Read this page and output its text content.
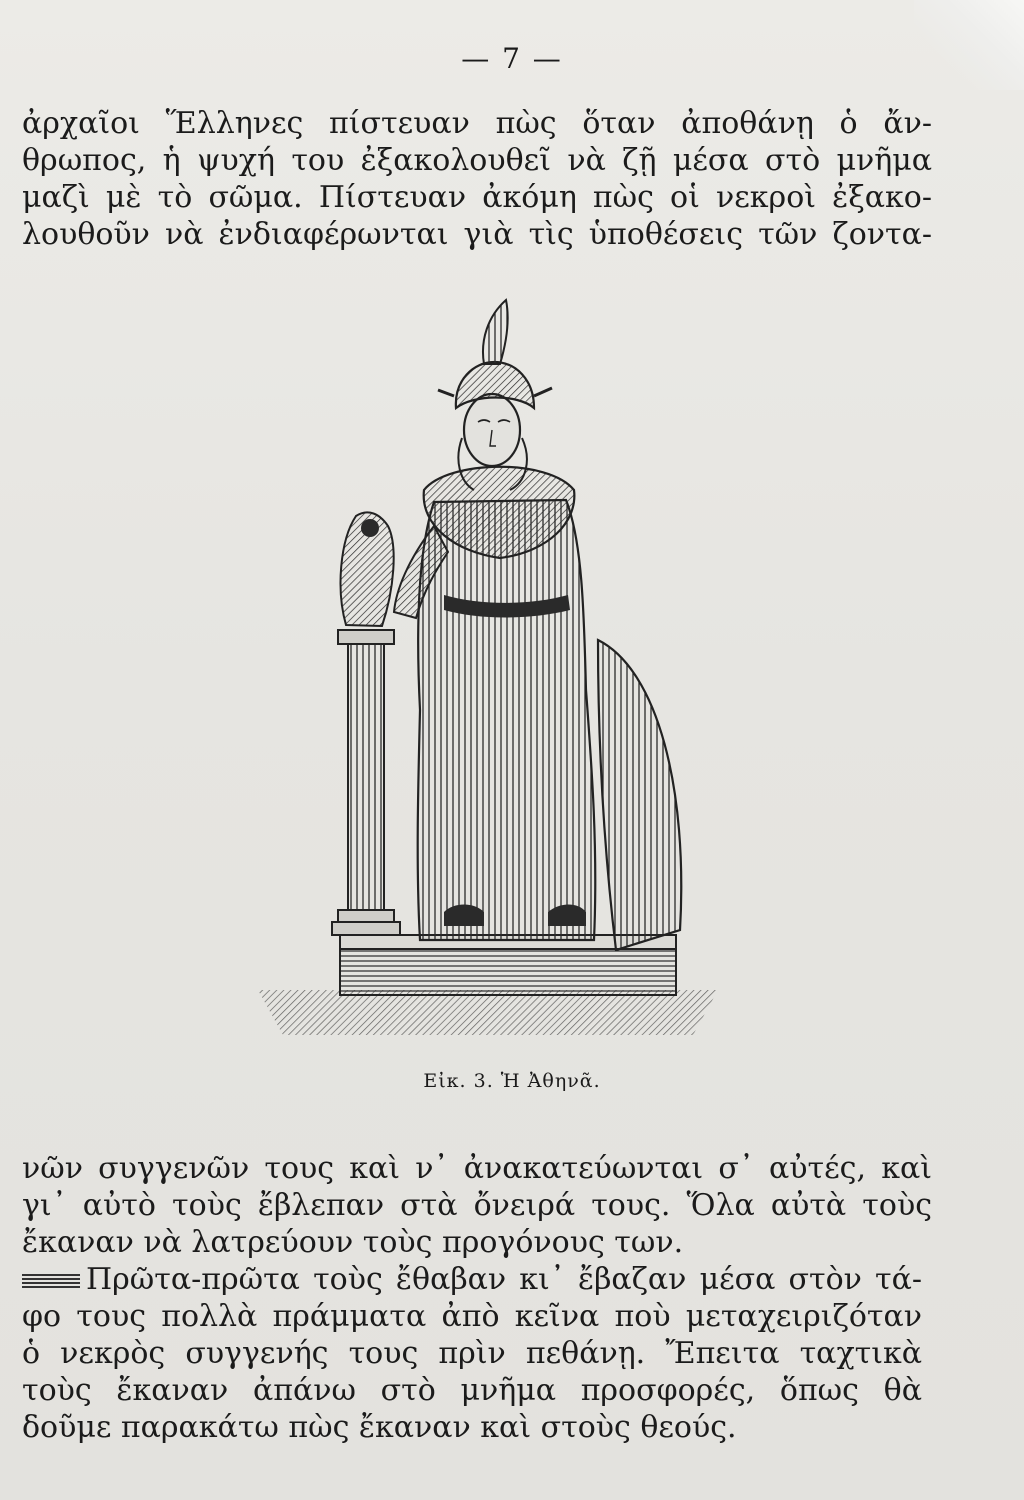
— 7 —
ἀρχαῖοι Ἕλληνες πίστευαν πὼς ὅταν ἀποθάνῃ ὁ ἄν-
θρωπος, ἡ ψυχή του ἐξακολουθεῖ νὰ ζῇ μέσα στὸ μνῆμα
μαζὶ μὲ τὸ σῶμα. Πίστευαν ἀκόμη πὼς οἱ νεκροὶ ἐξακο-
λουθοῦν νὰ ἐνδιαφέρωνται γιὰ τὶς ὑποθέσεις τῶν ζοντα-
Εἰκ. 3. Ἡ Ἀθηνᾶ.
νῶν συγγενῶν τους καὶ ν᾽ ἀνακατεύωνται σ᾽ αὐτές, καὶ
γι᾽ αὐτὸ τοὺς ἔβλεπαν στὰ ὄνειρά τους. Ὅλα αὐτὰ τοὺς
ἔκαναν νὰ λατρεύουν τοὺς προγόνους των.
Πρῶτα-πρῶτα τοὺς ἔθαβαν κι᾽ ἔβαζαν μέσα στὸν τά-
φο τους πολλὰ πράμματα ἀπὸ κεῖνα ποὺ μεταχειριζόταν
ὁ νεκρὸς συγγενής τους πρὶν πεθάνῃ. Ἔπειτα ταχτικὰ
τοὺς ἔκαναν ἀπάνω στὸ μνῆμα προσφορές, ὅπως θὰ
δοῦμε παρακάτω πὼς ἔκαναν καὶ στοὺς θεούς.
